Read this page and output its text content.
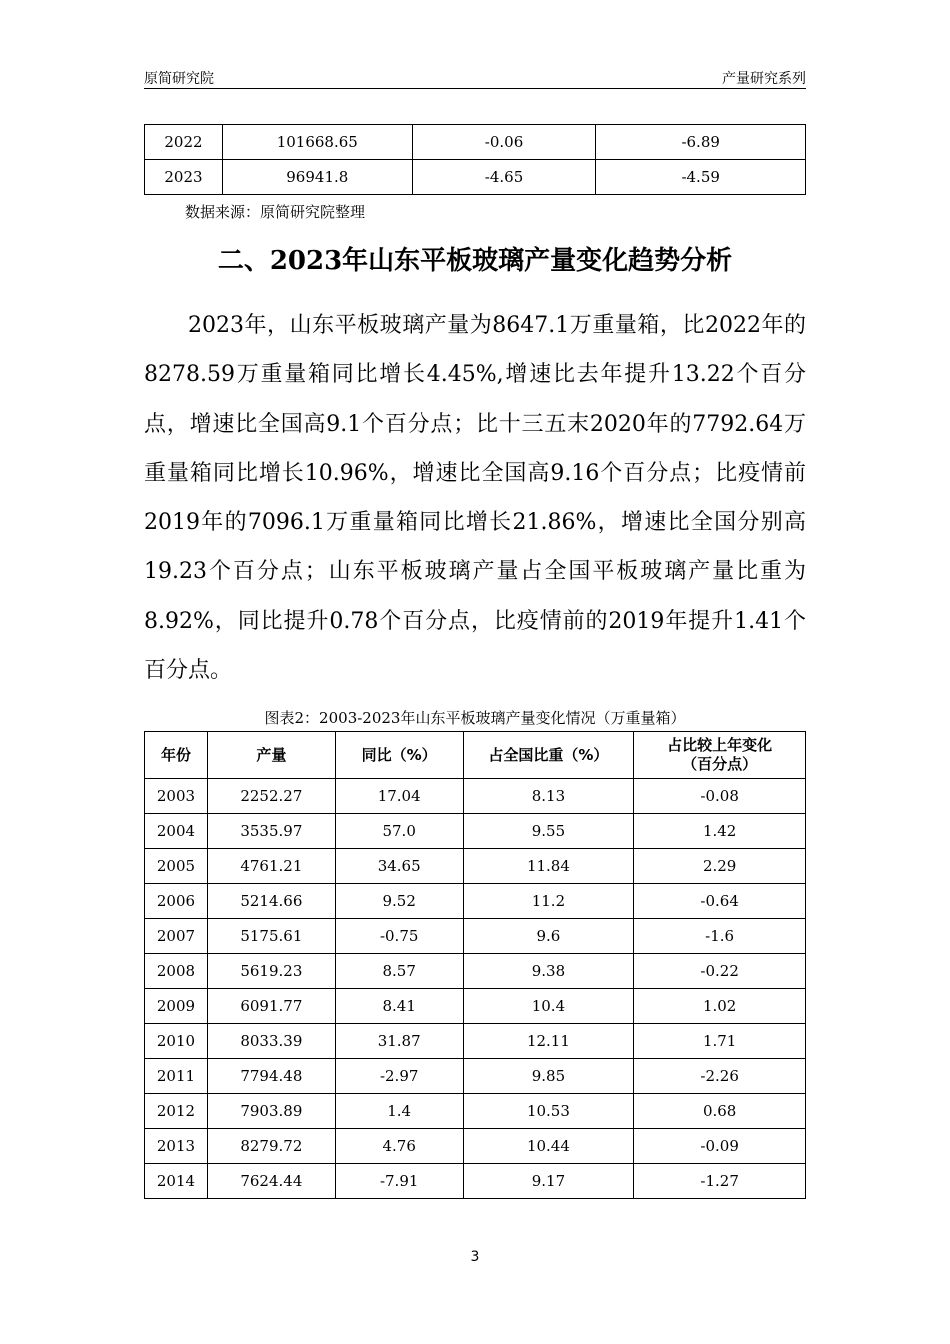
原简研究院	产量研究系列
2022	101668.65	-0.06	-6.89
2023	96941.8	-4.65	-4.59
数据来源：原简研究院整理
二、2023年山东平板玻璃产量变化趋势分析
2023年，山东平板玻璃产量为8647.1万重量箱，比2022年的8278.59万重量箱同比增长4.45%,增速比去年提升13.22个百分点，增速比全国高9.1个百分点；比十三五末2020年的7792.64万重量箱同比增长10.96%，增速比全国高9.16个百分点；比疫情前2019年的7096.1万重量箱同比增长21.86%，增速比全国分别高19.23个百分点；山东平板玻璃产量占全国平板玻璃产量比重为8.92%，同比提升0.78个百分点，比疫情前的2019年提升1.41个百分点。
图表2：2003-2023年山东平板玻璃产量变化情况（万重量箱）
年份	产量	同比（%）	占全国比重（%）	占比较上年变化
（百分点）

2003	2252.27	17.04	8.13	-0.08
2004	3535.97	57.0	9.55	1.42
2005	4761.21	34.65	11.84	2.29
2006	5214.66	9.52	11.2	-0.64
2007	5175.61	-0.75	9.6	-1.6
2008	5619.23	8.57	9.38	-0.22
2009	6091.77	8.41	10.4	1.02
2010	8033.39	31.87	12.11	1.71
2011	7794.48	-2.97	9.85	-2.26
2012	7903.89	1.4	10.53	0.68
2013	8279.72	4.76	10.44	-0.09
2014	7624.44	-7.91	9.17	-1.27
3
